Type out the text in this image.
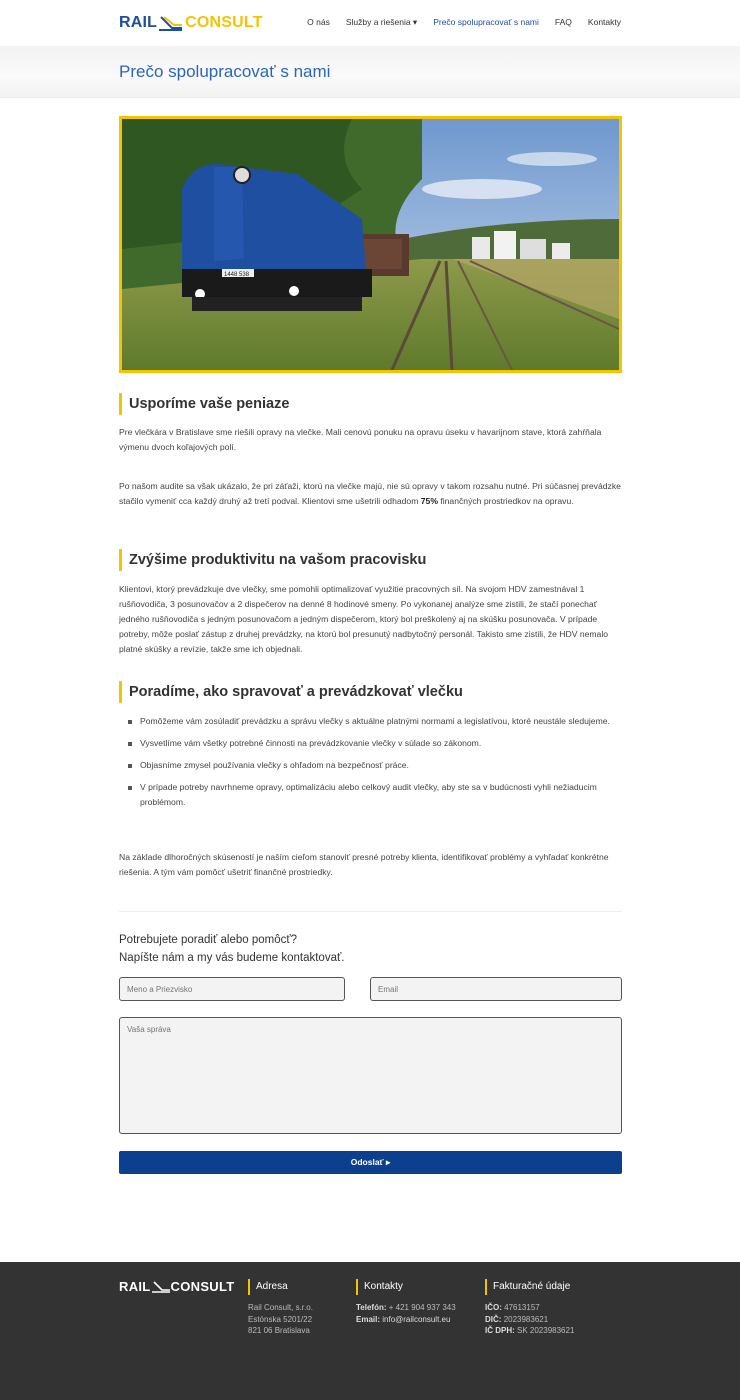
RAIL CONSULT	O nás Služby a riešenia ▾ Prečo spolupracovať s nami FAQ Kontakty
Prečo spolupracovať s nami
1448 538
Usporíme vaše peniaze

Pre vlečkára v Bratislave sme riešili opravy na vlečke. Mali cenovú ponuku na opravu úseku v havarijnom stave, ktorá zahŕňala výmenu dvoch koľajových polí.

Po našom audite sa však ukázalo, že pri záťaži, ktorú na vlečke majú, nie sú opravy v takom rozsahu nutné. Pri súčasnej prevádzke stačilo vymeniť cca každý druhý až tretí podval. Klientovi sme ušetrili odhadom 75% finančných prostriedkov na opravu.

Zvýšime produktivitu na vašom pracovisku

Klientovi, ktorý prevádzkuje dve vlečky, sme pomohli optimalizovať využitie pracovných síl. Na svojom HDV zamestnával 1 rušňovodiča, 3 posunovačov a 2 dispečerov na denné 8 hodinové smeny. Po vykonanej analýze sme zistili, že stačí ponechať jedného rušňovodiča s jedným posunovačom a jedným dispečerom, ktorý bol preškolený aj na skúšku posunovača. V prípade potreby, môže poslať zástup z druhej prevádzky, na ktorú bol presunutý nadbytočný personál. Takisto sme zistili, že HDV nemalo platné skúšky a revízie, takže sme ich objednali.

Poradíme, ako spravovať a prevádzkovať vlečku
Pomôžeme vám zosúladiť prevádzku a správu vlečky s aktuálne platnými normami a legislatívou, ktoré neustále sledujeme.
Vysvetlíme vám všetky potrebné činnosti na prevádzkovanie vlečky v súlade so zákonom.
Objasníme zmysel používania vlečky s ohľadom na bezpečnosť práce.
V prípade potreby navrhneme opravy, optimalizáciu alebo celkový audit vlečky, aby ste sa v budúcnosti vyhli nežiaducim problémom.

Na základe dlhoročných skúseností je naším cieľom stanoviť presné potreby klienta, identifikovať problémy a vyhľadať konkrétne riešenia. A tým vám pomôcť ušetriť finančné prostriedky.

Potrebujete poradiť alebo pomôcť?
Napíšte nám a my vás budeme kontaktovať.
Meno a Priezvisko
Email
Vaša správa
Odoslať ▸
RAIL CONSULT	Adresa
Rail Consult, s.r.o.
Estónska 5201/22
821 06 Bratislava
Kontakty
Telefón: + 421 904 937 343
Email: info@railconsult.eu
Fakturačné údaje
IČO: 47613157
DIČ: 2023983621
IČ DPH: SK 2023983621
